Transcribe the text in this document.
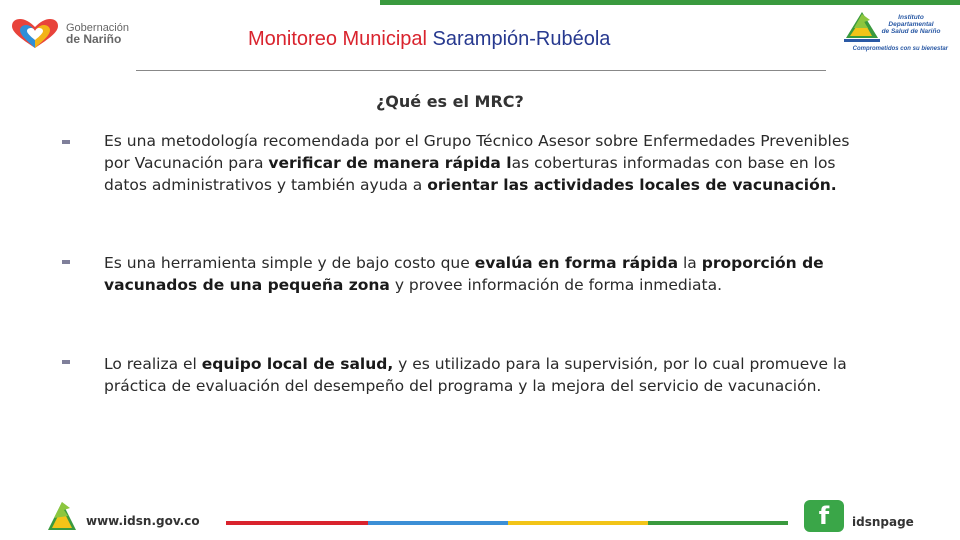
Gobernación
de Nariño	Monitoreo Municipal Sarampión-Rubéola
Instituto
Departamental
de Salud de Nariño
Comprometidos con su bienestar
¿Qué es el MRC?
Es una metodología recomendada por el Grupo Técnico Asesor sobre Enfermedades Prevenibles por Vacunación para verificar de manera rápida las coberturas informadas con base en los datos administrativos y también ayuda a orientar las actividades locales de vacunación.
Es una herramienta simple y de bajo costo que evalúa en forma rápida la proporción de vacunados de una pequeña zona y provee información de forma inmediata.
Lo realiza el equipo local de salud, y es utilizado para la supervisión, por lo cual promueve la práctica de evaluación del desempeño del programa y la mejora del servicio de vacunación.
www.idsn.gov.co	f	idsnpage
